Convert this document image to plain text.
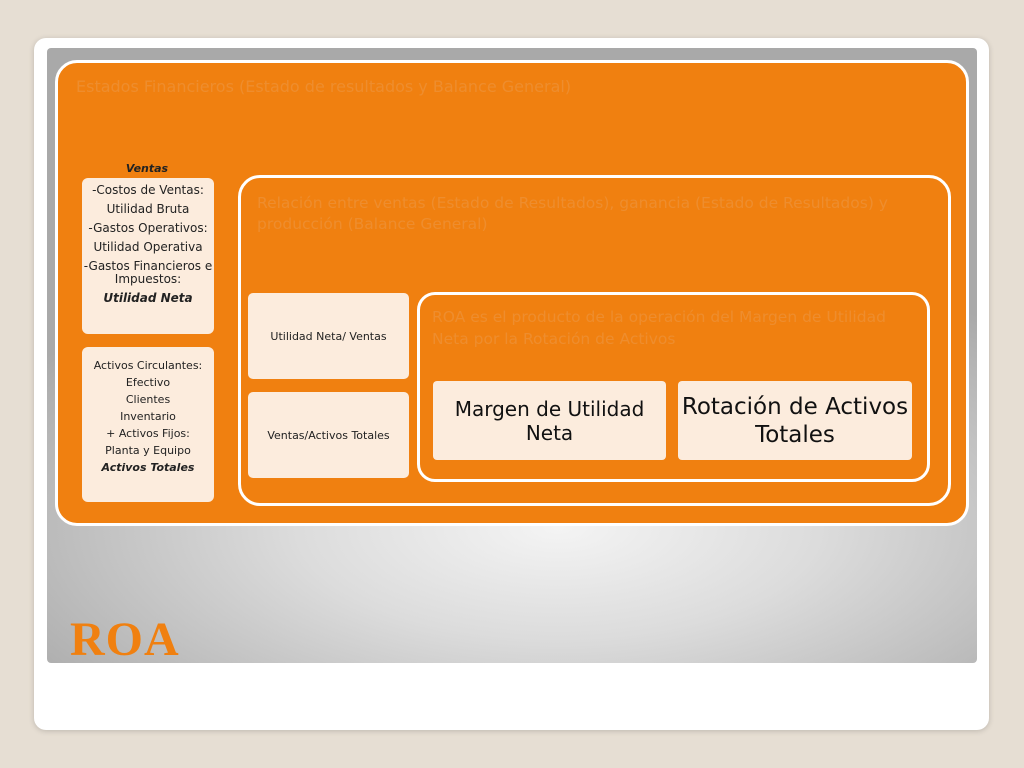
Estados Financieros (Estado de resultados y Balance General)
Ventas
-Costos de Ventas:
Utilidad Bruta
-Gastos Operativos:
Utilidad Operativa
-Gastos Financieros e Impuestos:
Utilidad Neta
Activos Circulantes:
Efectivo
Clientes
Inventario
+ Activos Fijos:
Planta y Equipo
Activos Totales
Relación entre ventas (Estado de Resultados), ganancia (Estado de Resultados) y producción (Balance General)
Utilidad Neta/ Ventas
Ventas/Activos Totales
ROA es el producto de la operación del Margen de Utilidad Neta por la Rotación de Activos
Margen de Utilidad Neta
Rotación de Activos Totales
ROA
